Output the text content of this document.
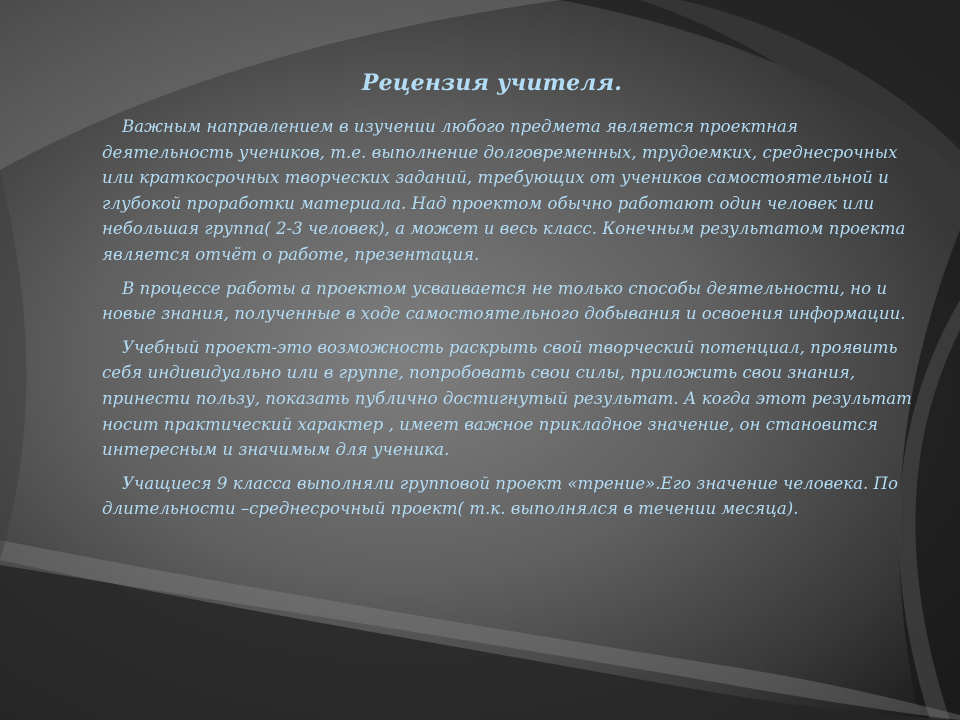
Рецензия учителя.

Важным направлением в изучении любого предмета является проектная деятельность учеников, т.е. выполнение долговременных, трудоемких, среднесрочных или краткосрочных творческих заданий, требующих от учеников самостоятельной и глубокой проработки материала. Над проектом обычно работают один человек или небольшая группа( 2-3 человек), а может и весь класс. Конечным результатом проекта является отчёт о работе, презентация.

В процессе работы а проектом усваивается не только способы деятельности, но и новые знания, полученные в ходе самостоятельного добывания и освоения информации.

Учебный проект-это возможность раскрыть свой творческий потенциал, проявить себя индивидуально или в группе, попробовать свои силы, приложить свои знания, принести пользу, показать публично достигнутый результат. А когда этот результат носит практический характер , имеет важное прикладное значение, он становится интересным и значимым для ученика.

Учащиеся 9 класса выполняли групповой проект «трение».Его значение человека. По длительности –среднесрочный проект( т.к. выполнялся в течении месяца).
